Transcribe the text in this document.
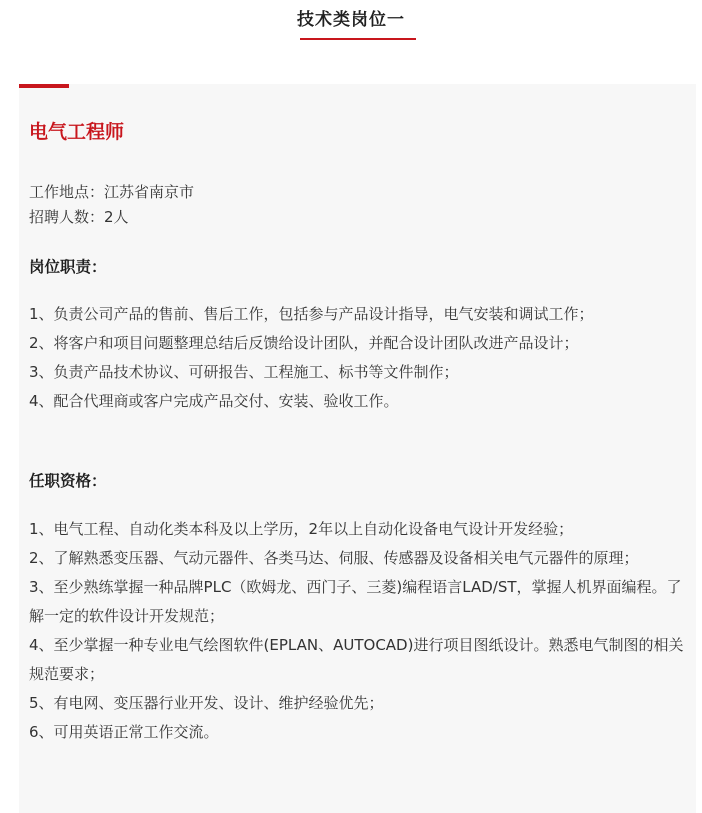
技术类岗位一
电气工程师
工作地点：江苏省南京市
招聘人数：2人
岗位职责：
1、负责公司产品的售前、售后工作，包括参与产品设计指导，电气安装和调试工作；
2、将客户和项目问题整理总结后反馈给设计团队，并配合设计团队改进产品设计；
3、负责产品技术协议、可研报告、工程施工、标书等文件制作；
4、配合代理商或客户完成产品交付、安装、验收工作。
任职资格：
1、电气工程、自动化类本科及以上学历，2年以上自动化设备电气设计开发经验；
2、了解熟悉变压器、气动元器件、各类马达、伺服、传感器及设备相关电气元器件的原理；
3、至少熟练掌握一种品牌PLC（欧姆龙、西门子、三菱)编程语言LAD/ST，掌握人机界面编程。了解一定的软件设计开发规范；
4、至少掌握一种专业电气绘图软件(EPLAN、AUTOCAD)进行项目图纸设计。熟悉电气制图的相关规范要求；
5、有电网、变压器行业开发、设计、维护经验优先；
6、可用英语正常工作交流。
